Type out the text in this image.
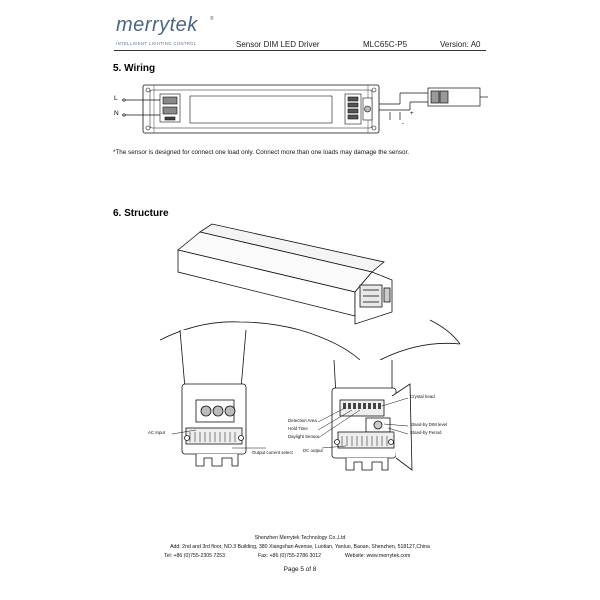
merrytek ®
INTELLIGENT LIGHTING CONTROL	Sensor DIM LED Driver	MLC65C-P5	Version: A0
5. Wiring
L
N	+
-
*The sensor is designed for connect one load only. Connect more than one loads may damage the sensor.
6. Structure
AC Input
Output current select
Detection Area
Hold Time
Daylight Sensor
DC output
Crystal head
Stand-by DIM level
Stand-by Period
Shenzhen Merrytek Technology Co.,Ltd
Add: 2nd and 3rd floor, NO.3 Building, 380 Xiangshan Avenue, Luotian, Yanluo, Baoan, Shenzhen, 518127,China
Tel: +86 (0)755-2305 7253	Fax: +86 (0)755-2786 3012	Website: www.merrytek.com
Page 5 of 8
